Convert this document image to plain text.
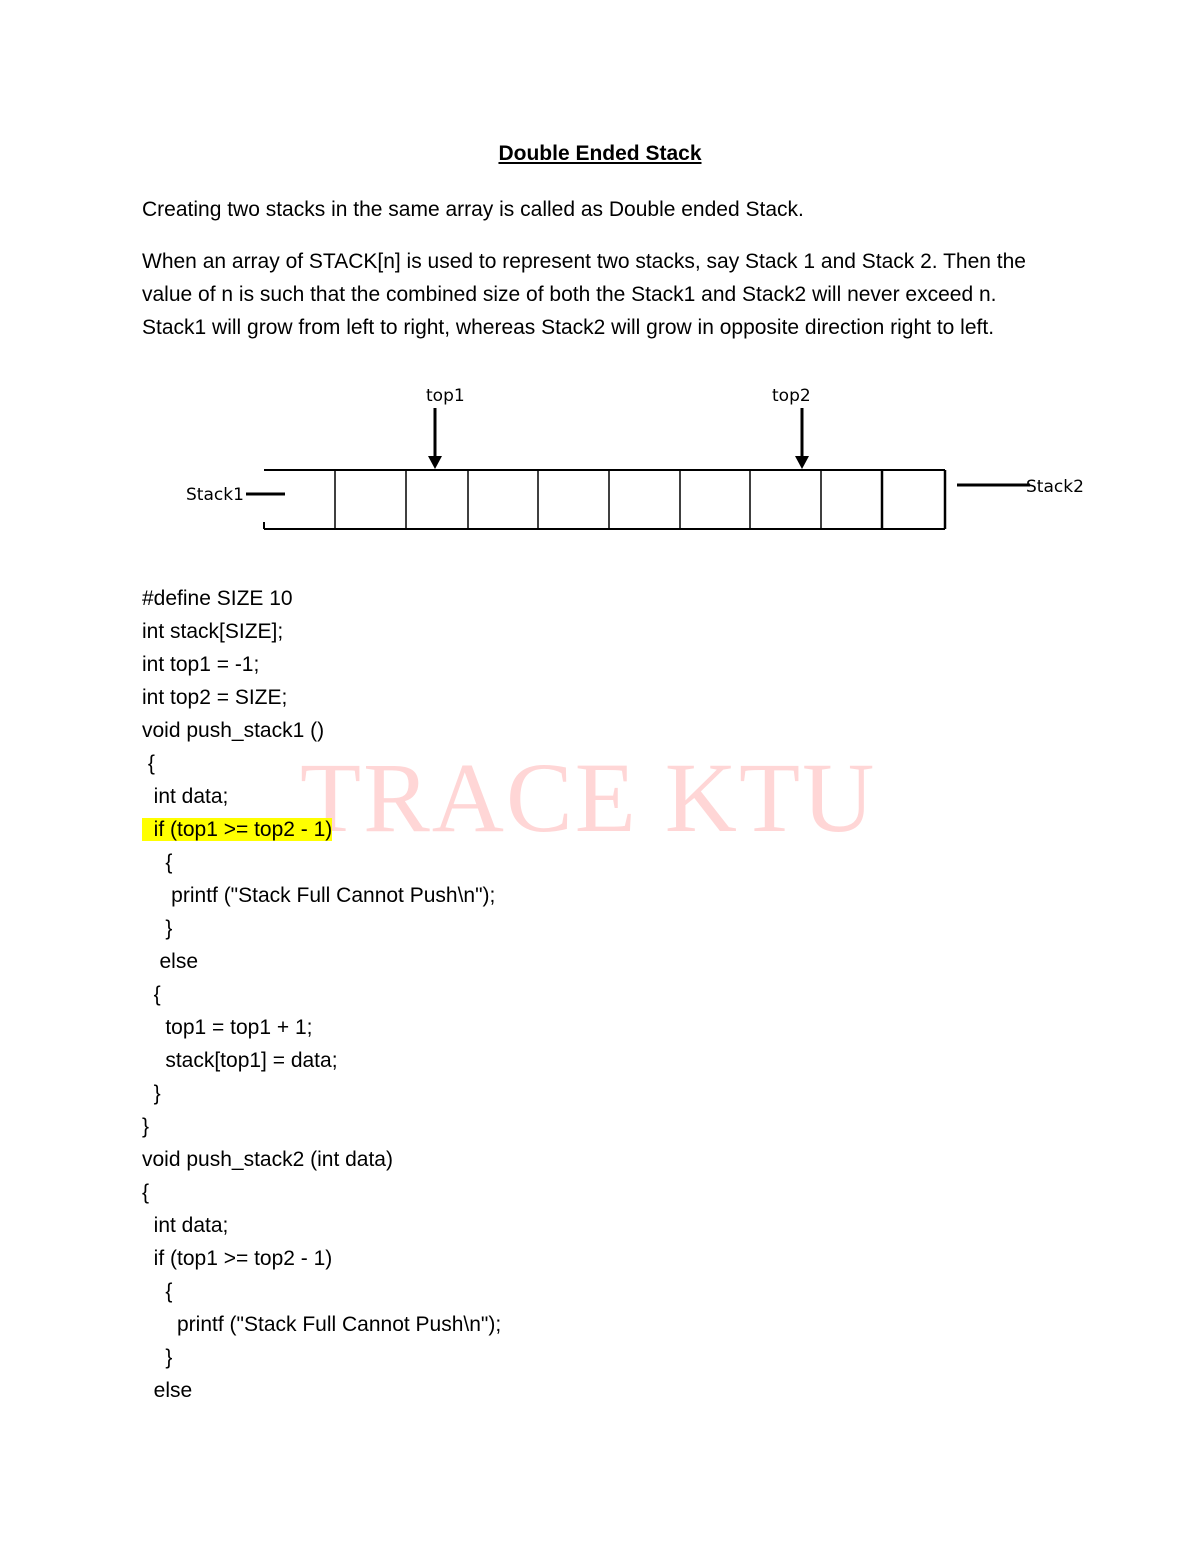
Double Ended Stack

Creating two stacks in the same array is called as Double ended Stack.

When an array of STACK[n] is used to represent two stacks, say Stack 1 and Stack 2. Then the value of n is such that the combined size of both the Stack1 and Stack2 will never exceed n. Stack1 will grow from left to right, whereas Stack2 will grow in opposite direction right to left.

top1	top2
Stack1	Stack2
TRACE KTU
#define SIZE 10
int stack[SIZE];
int top1 = -1;
int top2 = SIZE;
void push_stack1 ()
{
int data;
if (top1 >= top2 - 1)
{
printf ("Stack Full Cannot Push\n");
}
else
{
top1 = top1 + 1;
stack[top1] = data;
}
}
void push_stack2 (int data)
{
int data;
if (top1 >= top2 - 1)
{
printf ("Stack Full Cannot Push\n");
}
else
